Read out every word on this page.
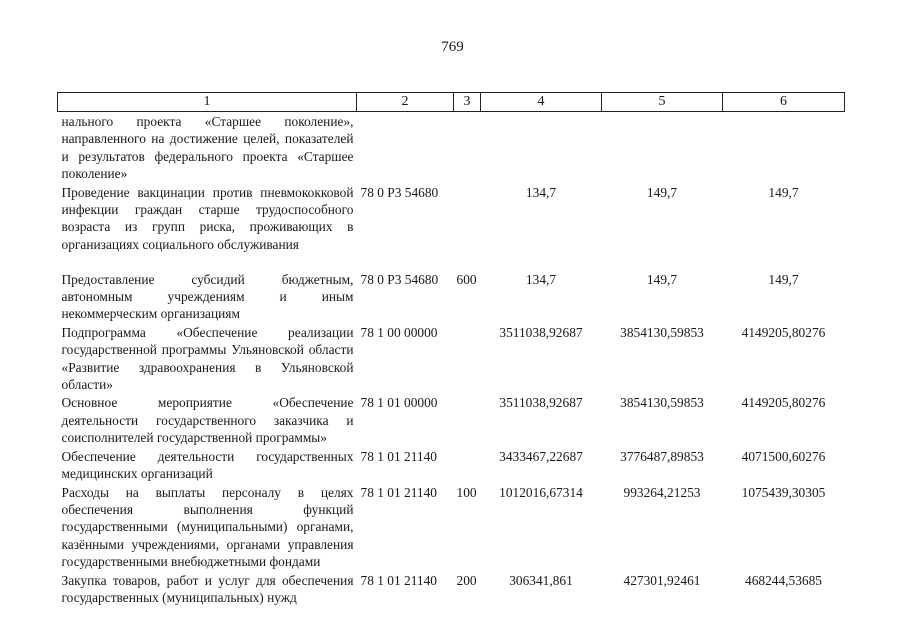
769
1	2	3	4	5	6
нального проекта «Старшее поколение», направленного на достижение целей, показателей и результатов федерального проекта «Старшее поколение»					
Проведение вакцинации против пневмококковой инфекции граждан старше трудоспособного возраста из групп риска, проживающих в организациях социального обслуживания	78 0 P3 54680		134,7	149,7	149,7
Предоставление субсидий бюджетным, автономным учреждениям и иным некоммерческим организациям	78 0 P3 54680	600	134,7	149,7	149,7
Подпрограмма «Обеспечение реализации государственной программы Ульяновской области «Развитие здравоохранения в Ульяновской области»	78 1 00 00000		3511038,92687	3854130,59853	4149205,80276
Основное мероприятие «Обеспечение деятельности государственного заказчика и соисполнителей государственной программы»	78 1 01 00000		3511038,92687	3854130,59853	4149205,80276
Обеспечение деятельности государственных медицинских организаций	78 1 01 21140		3433467,22687	3776487,89853	4071500,60276
Расходы на выплаты персоналу в целях обеспечения выполнения функций государственными (муниципальными) органами, казёнными учреждениями, органами управления государственными внебюджетными фондами	78 1 01 21140	100	1012016,67314	993264,21253	1075439,30305
Закупка товаров, работ и услуг для обеспечения государственных (муниципальных) нужд	78 1 01 21140	200	306341,861	427301,92461	468244,53685
